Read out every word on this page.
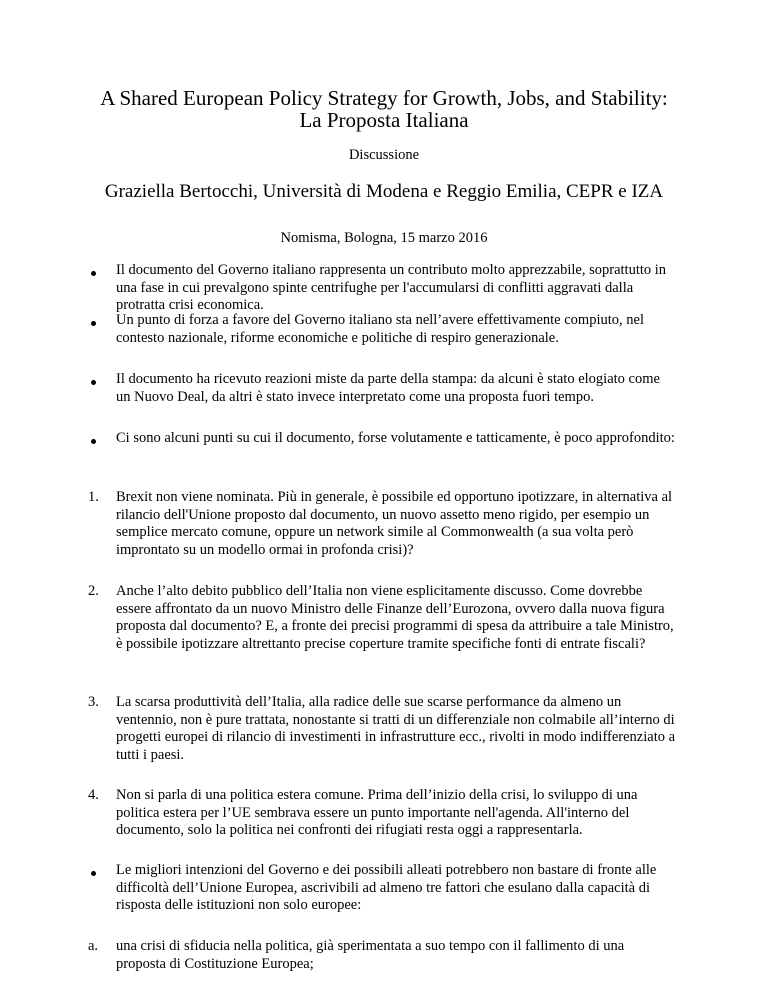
A Shared European Policy Strategy for Growth, Jobs, and Stability:
La Proposta Italiana
Discussione
Graziella Bertocchi, Università di Modena e Reggio Emilia, CEPR e IZA
Nomisma, Bologna, 15 marzo 2016

Il documento del Governo italiano rappresenta un contributo molto apprezzabile, soprattutto in una fase in cui prevalgono spinte centrifughe per l'accumularsi di conflitti aggravati dalla protratta crisi economica.

Un punto di forza a favore del Governo italiano sta nell’avere effettivamente compiuto, nel contesto nazionale, riforme economiche e politiche di respiro generazionale.

Il documento ha ricevuto reazioni miste da parte della stampa: da alcuni è stato elogiato come un Nuovo Deal, da altri è stato invece interpretato come una proposta fuori tempo.

Ci sono alcuni punti su cui il documento, forse volutamente e tatticamente, è poco approfondito:

1. Brexit non viene nominata. Più in generale, è possibile ed opportuno ipotizzare, in alternativa al rilancio dell'Unione proposto dal documento, un nuovo assetto meno rigido, per esempio un semplice mercato comune, oppure un network simile al Commonwealth (a sua volta però improntato su un modello ormai in profonda crisi)?

2. Anche l’alto debito pubblico dell’Italia non viene esplicitamente discusso. Come dovrebbe essere affrontato da un nuovo Ministro delle Finanze dell’Eurozona, ovvero dalla nuova figura proposta dal documento? E, a fronte dei precisi programmi di spesa da attribuire a tale Ministro, è possibile ipotizzare altrettanto precise coperture tramite specifiche fonti di entrate fiscali?

3. La scarsa produttività dell’Italia, alla radice delle sue scarse performance da almeno un ventennio, non è pure trattata, nonostante si tratti di un differenziale non colmabile all’interno di progetti europei di rilancio di investimenti in infrastrutture ecc., rivolti in modo indifferenziato a tutti i paesi.

4. Non si parla di una politica estera comune. Prima dell’inizio della crisi, lo sviluppo di una politica estera per l’UE sembrava essere un punto importante nell'agenda. All'interno del documento, solo la politica nei confronti dei rifugiati resta oggi a rappresentarla.

Le migliori intenzioni del Governo e dei possibili alleati potrebbero non bastare di fronte alle difficoltà dell’Unione Europea, ascrivibili ad almeno tre fattori che esulano dalla capacità di risposta delle istituzioni non solo europee:

a. una crisi di sfiducia nella politica, già sperimentata a suo tempo con il fallimento di una proposta di Costituzione Europea;
